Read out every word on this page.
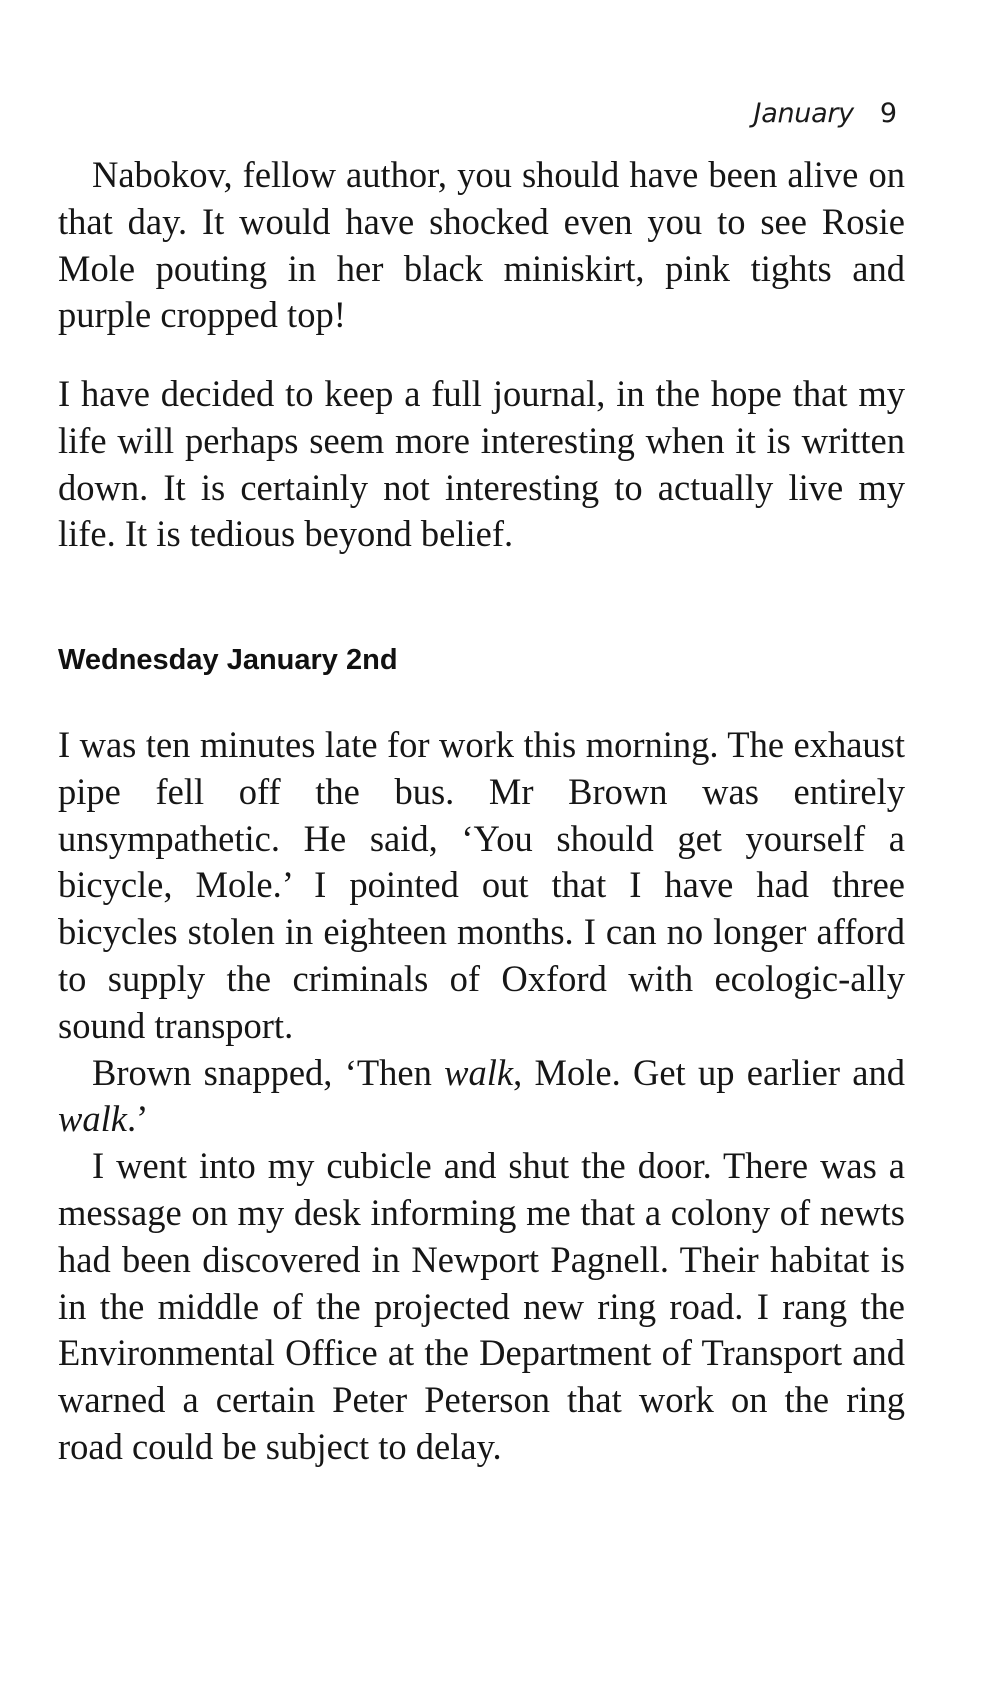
January 9

Nabokov, fellow author, you should have been alive on that day. It would have shocked even you to see Rosie Mole pouting in her black miniskirt, pink tights and purple cropped top!

I have decided to keep a full journal, in the hope that my life will perhaps seem more interesting when it is written down. It is certainly not interesting to actually live my life. It is tedious beyond belief.

Wednesday January 2nd

I was ten minutes late for work this morning. The exhaust pipe fell off the bus. Mr Brown was entirely unsympathetic. He said, ‘You should get yourself a bicycle, Mole.’ I pointed out that I have had three bicycles stolen in eighteen months. I can no longer afford to supply the criminals of Oxford with ecologic-ally sound transport.

Brown snapped, ‘Then walk, Mole. Get up earlier and walk.’

I went into my cubicle and shut the door. There was a message on my desk informing me that a colony of newts had been discovered in Newport Pagnell. Their habitat is in the middle of the projected new ring road. I rang the Environmental Office at the Department of Transport and warned a certain Peter Peterson that work on the ring road could be subject to delay.
